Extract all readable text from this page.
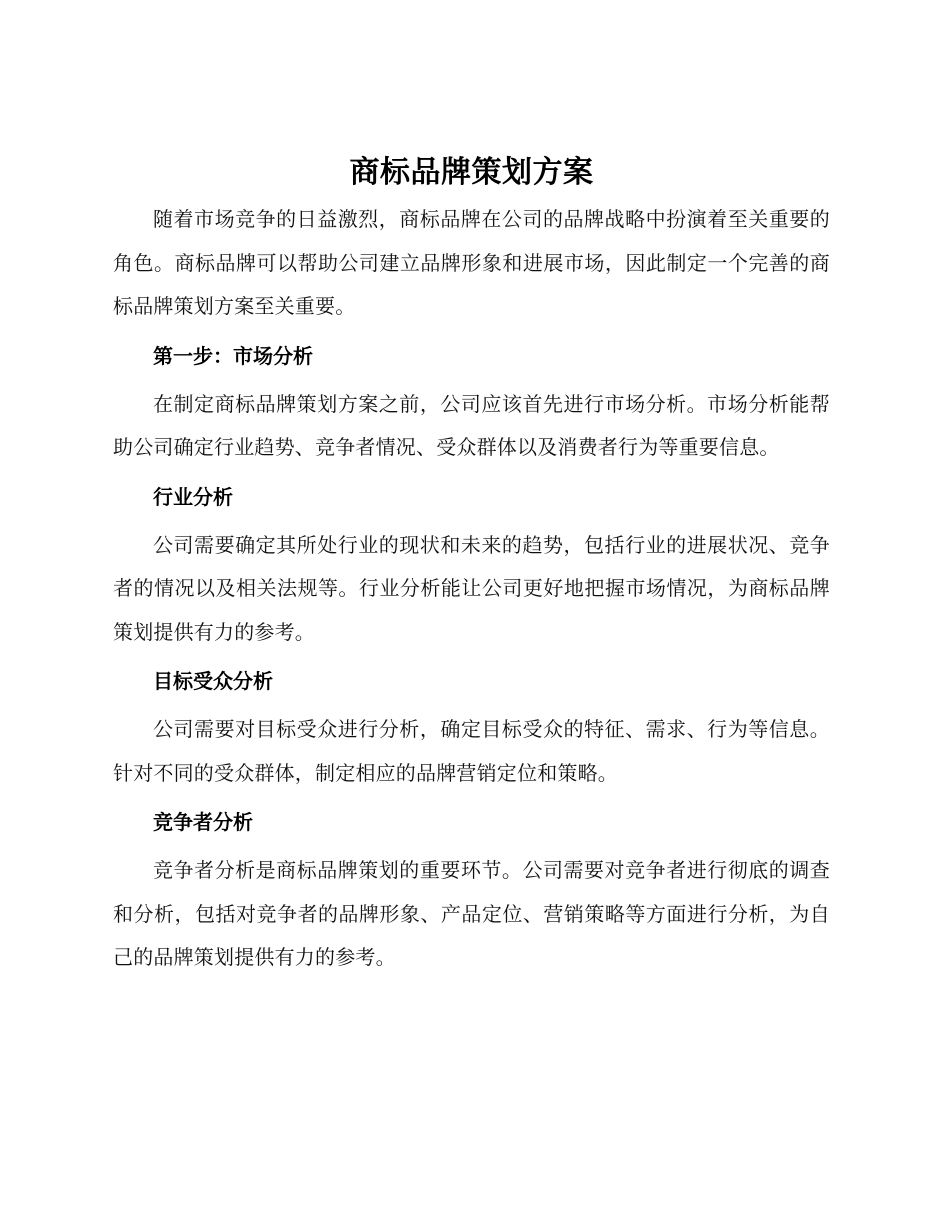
商标品牌策划方案

随着市场竞争的日益激烈，商标品牌在公司的品牌战略中扮演着至关重要的角色。商标品牌可以帮助公司建立品牌形象和进展市场，因此制定一个完善的商标品牌策划方案至关重要。

第一步：市场分析

在制定商标品牌策划方案之前，公司应该首先进行市场分析。市场分析能帮助公司确定行业趋势、竞争者情况、受众群体以及消费者行为等重要信息。

行业分析

公司需要确定其所处行业的现状和未来的趋势，包括行业的进展状况、竞争者的情况以及相关法规等。行业分析能让公司更好地把握市场情况，为商标品牌策划提供有力的参考。

目标受众分析

公司需要对目标受众进行分析，确定目标受众的特征、需求、行为等信息。针对不同的受众群体，制定相应的品牌营销定位和策略。

竞争者分析

竞争者分析是商标品牌策划的重要环节。公司需要对竞争者进行彻底的调查和分析，包括对竞争者的品牌形象、产品定位、营销策略等方面进行分析，为自己的品牌策划提供有力的参考。
